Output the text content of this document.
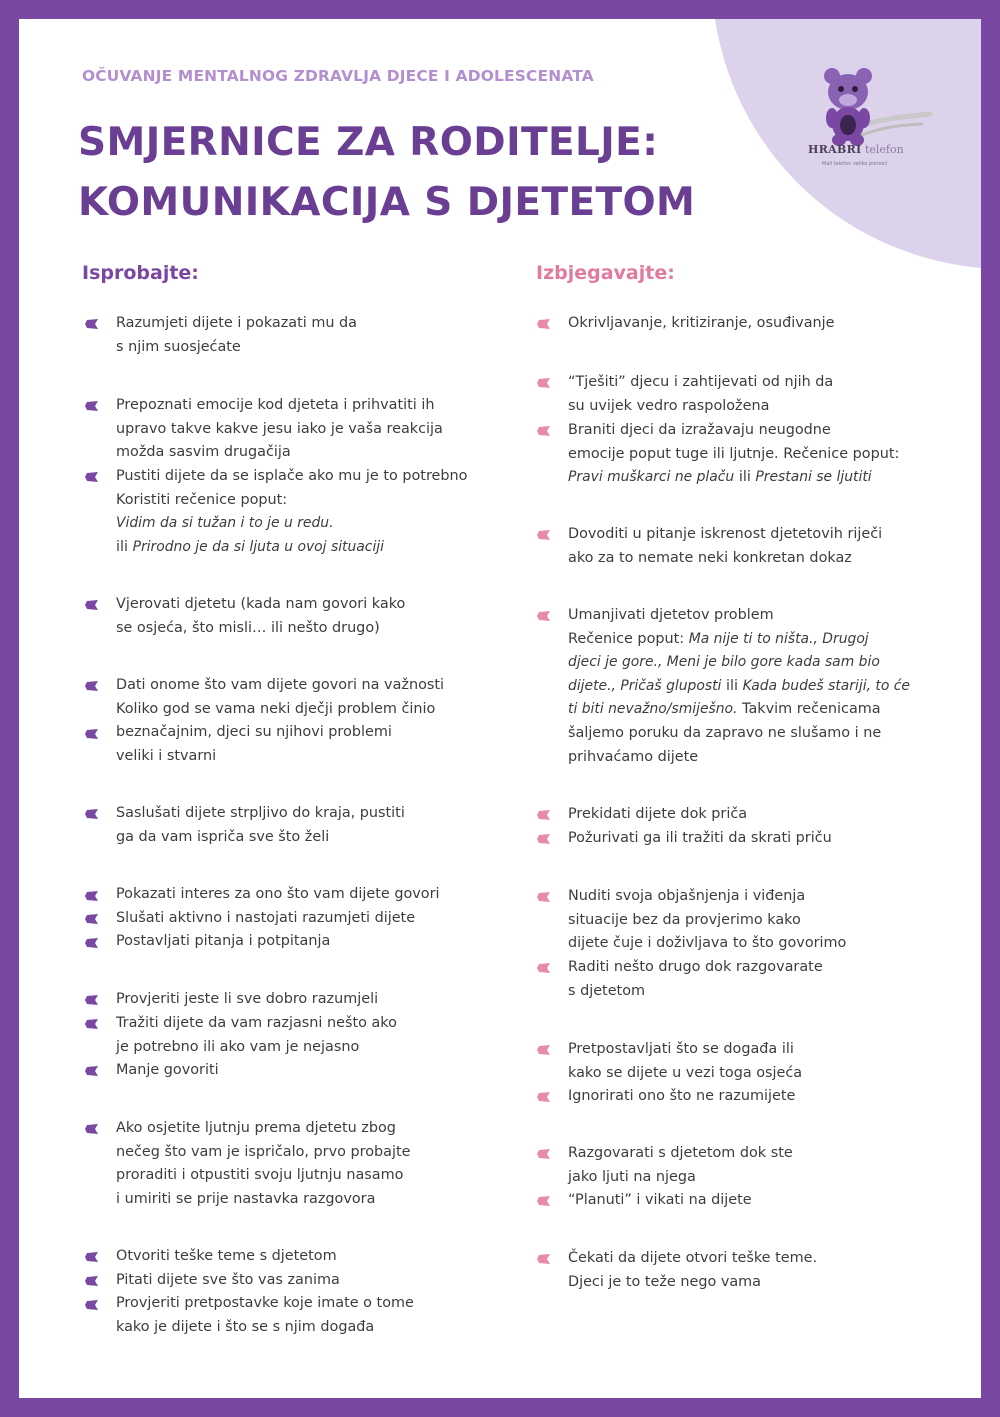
HRABRI telefon
Mali telefon velike pomoći
OČUVANJE MENTALNOG ZDRAVLJA DJECE I ADOLESCENATA
SMJERNICE ZA RODITELJE:
KOMUNIKACIJA S DJETETOM
Isprobajte:	Izbjegavajte:
Razumjeti dijete i pokazati mu da
s njim suosjećate
Prepoznati emocije kod djeteta i prihvatiti ih
upravo takve kakve jesu iako je vaša reakcija
možda sasvim drugačija
Pustiti dijete da se isplače ako mu je to potrebno
Koristiti rečenice poput:
Vidim da si tužan i to je u redu.
ili Prirodno je da si ljuta u ovoj situaciji
Vjerovati djetetu (kada nam govori kako
se osjeća, što misli… ili nešto drugo)
Dati onome što vam dijete govori na važnosti
Koliko god se vama neki dječji problem činio
beznačajnim, djeci su njihovi problemi
veliki i stvarni
Saslušati dijete strpljivo do kraja, pustiti
ga da vam ispriča sve što želi
Pokazati interes za ono što vam dijete govori
Slušati aktivno i nastojati razumjeti dijete
Postavljati pitanja i potpitanja
Provjeriti jeste li sve dobro razumjeli
Tražiti dijete da vam razjasni nešto ako
je potrebno ili ako vam je nejasno
Manje govoriti
Ako osjetite ljutnju prema djetetu zbog
nečeg što vam je ispričalo, prvo probajte
proraditi i otpustiti svoju ljutnju nasamo
i umiriti se prije nastavka razgovora
Otvoriti teške teme s djetetom
Pitati dijete sve što vas zanima
Provjeriti pretpostavke koje imate o tome
kako je dijete i što se s njim događa
Okrivljavanje, kritiziranje, osuđivanje
“Tješiti” djecu i zahtijevati od njih da
su uvijek vedro raspoložena
Braniti djeci da izražavaju neugodne
emocije poput tuge ili ljutnje. Rečenice poput:
Pravi muškarci ne plaču ili Prestani se ljutiti
Dovoditi u pitanje iskrenost djetetovih riječi
ako za to nemate neki konkretan dokaz
Umanjivati djetetov problem
Rečenice poput: Ma nije ti to ništa., Drugoj
djeci je gore., Meni je bilo gore kada sam bio
dijete., Pričaš gluposti ili Kada budeš stariji, to će
ti biti nevažno/smiješno. Takvim rečenicama
šaljemo poruku da zapravo ne slušamo i ne
prihvaćamo dijete
Prekidati dijete dok priča
Požurivati ga ili tražiti da skrati priču
Nuditi svoja objašnjenja i viđenja
situacije bez da provjerimo kako
dijete čuje i doživljava to što govorimo
Raditi nešto drugo dok razgovarate
s djetetom
Pretpostavljati što se događa ili
kako se dijete u vezi toga osjeća
Ignorirati ono što ne razumijete
Razgovarati s djetetom dok ste
jako ljuti na njega
“Planuti” i vikati na dijete
Čekati da dijete otvori teške teme.
Djeci je to teže nego vama
